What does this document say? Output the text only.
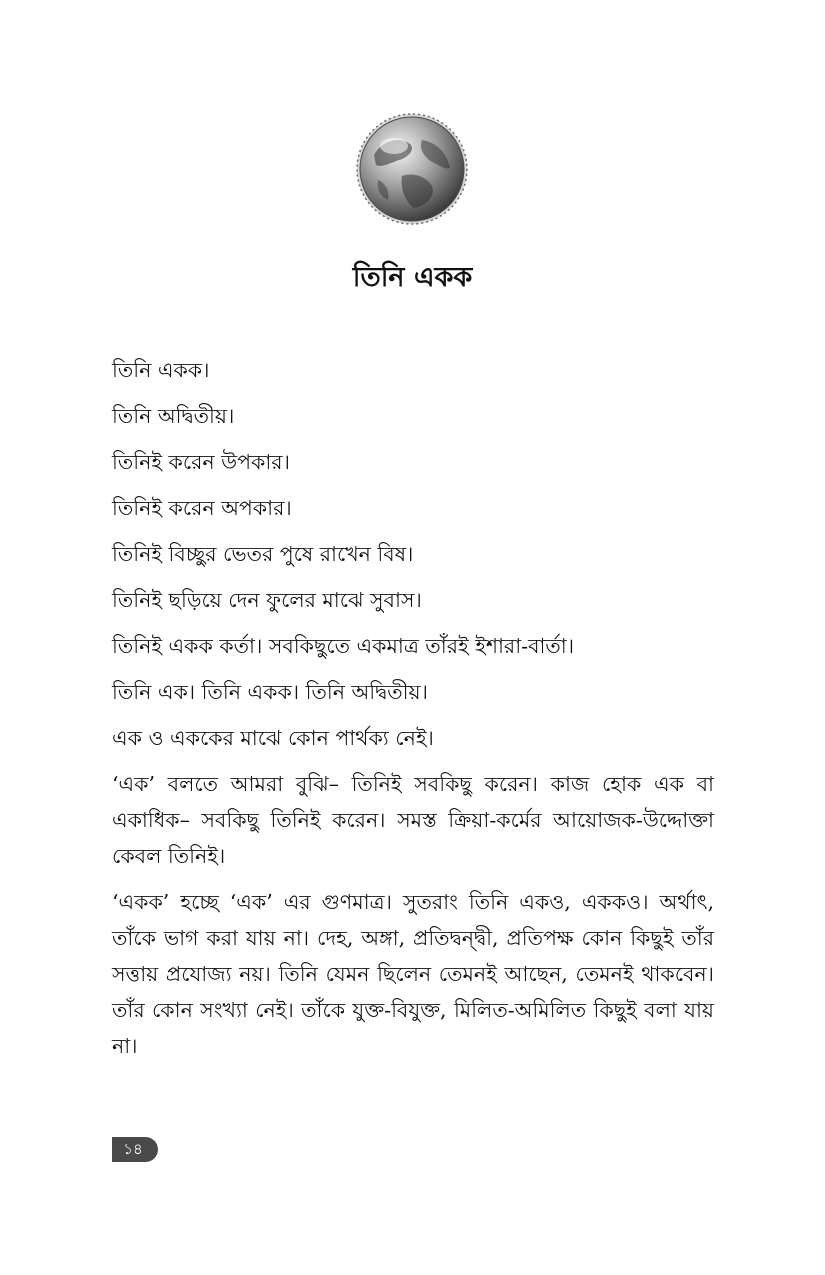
তিনি একক
তিনি একক।
তিনি অদ্বিতীয়।
তিনিই করেন উপকার।
তিনিই করেন অপকার।
তিনিই বিচ্ছুর ভেতর পুষে রাখেন বিষ।
তিনিই ছড়িয়ে দেন ফুলের মাঝে সুবাস।
তিনিই একক কর্তা। সবকিছুতে একমাত্র তাঁরই ইশারা-বার্তা।
তিনি এক। তিনি একক। তিনি অদ্বিতীয়।
এক ও এককের মাঝে কোন পার্থক্য নেই।
‘এক’ বলতে আমরা বুঝি– তিনিই সবকিছু করেন। কাজ হোক এক বা একাধিক– সবকিছু তিনিই করেন। সমস্ত ক্রিয়া-কর্মের আয়োজক-উদ্দোক্তা কেবল তিনিই।
‘একক’ হচ্ছে ‘এক’ এর গুণমাত্র। সুতরাং তিনি একও, এককও। অর্থাৎ, তাঁকে ভাগ করা যায় না। দেহ, অঙ্গা, প্রতিদ্বন্দ্বী, প্রতিপক্ষ কোন কিছুই তাঁর সত্তায় প্রযোজ্য নয়। তিনি যেমন ছিলেন তেমনই আছেন, তেমনই থাকবেন। তাঁর কোন সংখ্যা নেই। তাঁকে যুক্ত-বিযুক্ত, মিলিত-অমিলিত কিছুই বলা যায় না।
১৪
